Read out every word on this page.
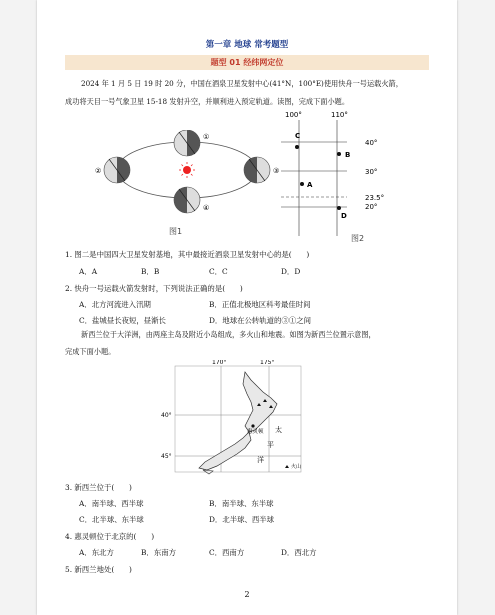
第一章 地球 常考题型
题型 01 经纬网定位
2024 年 1 月 5 日 19 时 20 分，中国在酒泉卫星发射中心(41°N，100°E)使用快舟一号运载火箭，
成功将天目一号气象卫星 15-18 发射升空，并顺利进入预定轨道。读图，完成下面小题。
①
②	③
④
图1
100°	110°
40°
30°
23.5°
20°
A
B
C
D
图2
1. 图二是中国四大卫星发射基地，其中最接近酒泉卫星发射中心的是(　　)
A．A	B．B	C．C	D．D
2. 快舟一号运载火箭发射时，下列说法正确的是(　　)
A．北方河流进入汛期	B．正值北极地区科考最佳时间
C．盐城昼长夜短，昼渐长	D．地球在公转轨道的③①之间
新西兰位于大洋洲，由两座主岛及附近小岛组成，多火山和地震。如图为新西兰位置示意图，
完成下面小题。
170°	175°
40°
45°
惠灵顿 太
平
洋
火山
3. 新西兰位于(　　)
A．南半球、西半球	B．南半球、东半球
C．北半球、东半球	D．北半球、西半球
4. 惠灵顿位于北京的(　　)
A．东北方	B．东南方	C．西南方	D．西北方
5. 新西兰地处(　　)
2
